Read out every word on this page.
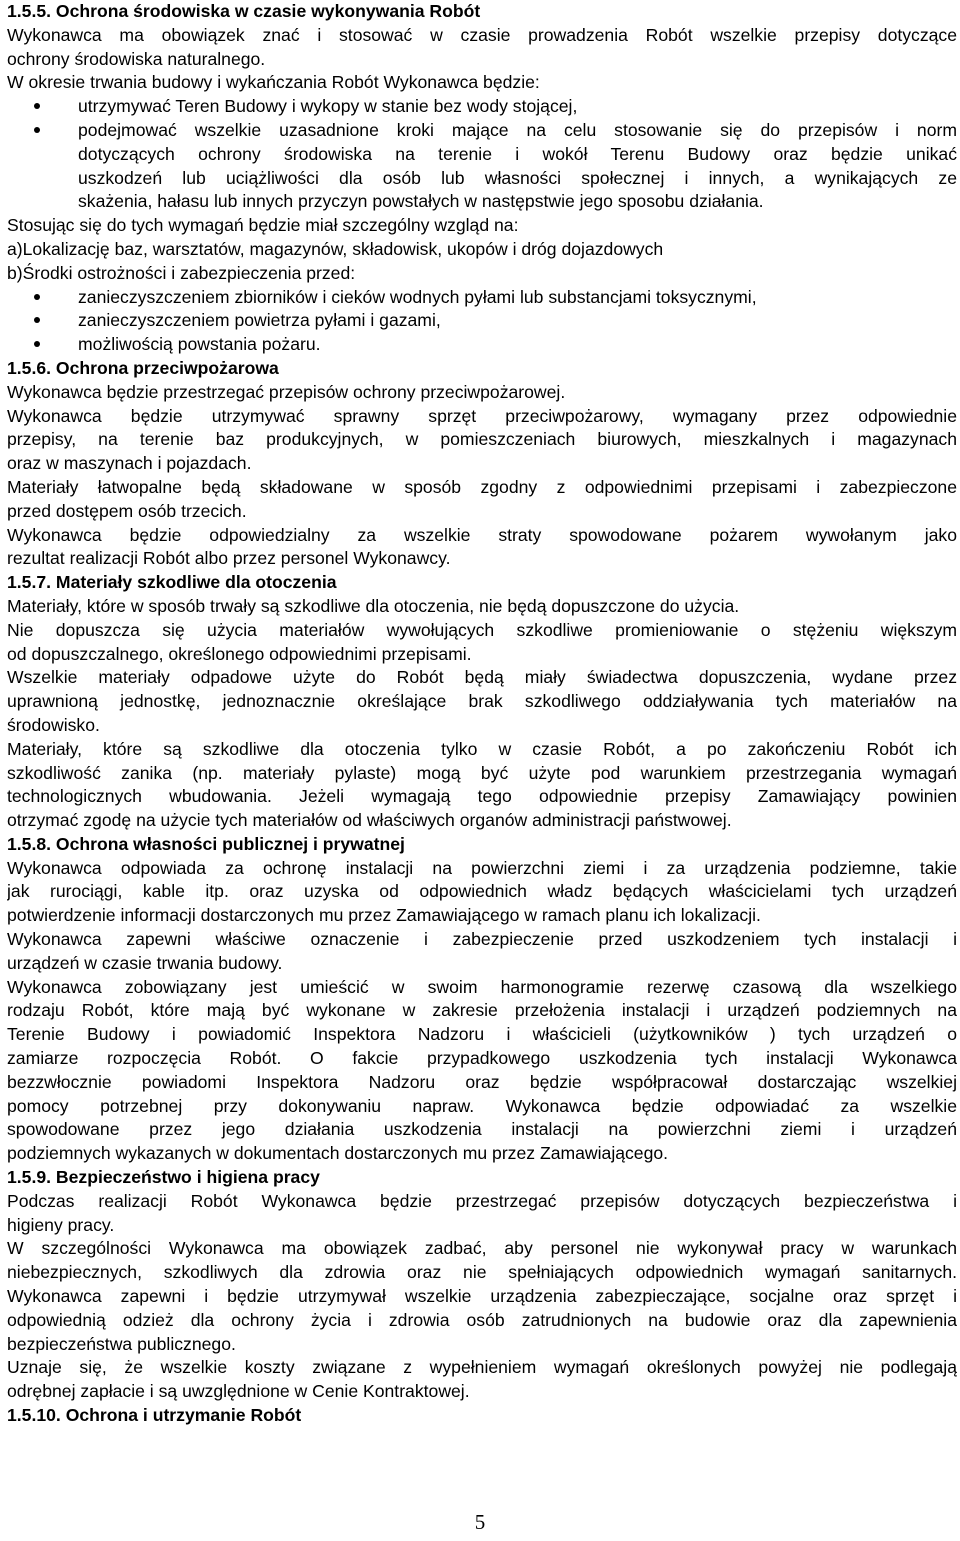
1.5.5. Ochrona środowiska w czasie wykonywania Robót
Wykonawca ma obowiązek znać i stosować w czasie prowadzenia Robót wszelkie przepisy dotyczące
ochrony środowiska naturalnego.
W okresie trwania budowy i wykańczania Robót Wykonawca będzie:
utrzymywać Teren Budowy i wykopy w stanie bez wody stojącej,
podejmować wszelkie uzasadnione kroki mające na celu stosowanie się do przepisów i norm
dotyczących ochrony środowiska na terenie i wokół Terenu Budowy oraz będzie unikać
uszkodzeń lub uciążliwości dla osób lub własności społecznej i innych, a wynikających ze
skażenia, hałasu lub innych przyczyn powstałych w następstwie jego sposobu działania.
Stosując się do tych wymagań będzie miał szczególny wzgląd na:
a)Lokalizację baz, warsztatów, magazynów, składowisk, ukopów i dróg dojazdowych
b)Środki ostrożności i zabezpieczenia przed:
zanieczyszczeniem zbiorników i cieków wodnych pyłami lub substancjami toksycznymi,
zanieczyszczeniem powietrza pyłami i gazami,
możliwością powstania pożaru.
1.5.6. Ochrona przeciwpożarowa
Wykonawca będzie przestrzegać przepisów ochrony przeciwpożarowej.
Wykonawca będzie utrzymywać sprawny sprzęt przeciwpożarowy, wymagany przez odpowiednie
przepisy, na terenie baz produkcyjnych, w pomieszczeniach biurowych, mieszkalnych i magazynach
oraz w maszynach i pojazdach.
Materiały łatwopalne będą składowane w sposób zgodny z odpowiednimi przepisami i zabezpieczone
przed dostępem osób trzecich.
Wykonawca będzie odpowiedzialny za wszelkie straty spowodowane pożarem wywołanym jako
rezultat realizacji Robót albo przez personel Wykonawcy.
1.5.7. Materiały szkodliwe dla otoczenia
Materiały, które w sposób trwały są szkodliwe dla otoczenia, nie będą dopuszczone do użycia.
Nie dopuszcza się użycia materiałów wywołujących szkodliwe promieniowanie o stężeniu większym
od dopuszczalnego, określonego odpowiednimi przepisami.
Wszelkie materiały odpadowe użyte do Robót będą miały świadectwa dopuszczenia, wydane przez
uprawnioną jednostkę, jednoznacznie określające brak szkodliwego oddziaływania tych materiałów na
środowisko.
Materiały, które są szkodliwe dla otoczenia tylko w czasie Robót, a po zakończeniu Robót ich
szkodliwość zanika (np. materiały pylaste) mogą być użyte pod warunkiem przestrzegania wymagań
technologicznych wbudowania. Jeżeli wymagają tego odpowiednie przepisy Zamawiający powinien
otrzymać zgodę na użycie tych materiałów od właściwych organów administracji państwowej.
1.5.8. Ochrona własności publicznej i prywatnej
Wykonawca odpowiada za ochronę instalacji na powierzchni ziemi i za urządzenia podziemne, takie
jak rurociągi, kable itp. oraz uzyska od odpowiednich władz będących właścicielami tych urządzeń
potwierdzenie informacji dostarczonych mu przez Zamawiającego w ramach planu ich lokalizacji.
Wykonawca zapewni właściwe oznaczenie i zabezpieczenie przed uszkodzeniem tych instalacji i
urządzeń w czasie trwania budowy.
Wykonawca zobowiązany jest umieścić w swoim harmonogramie rezerwę czasową dla wszelkiego
rodzaju Robót, które mają być wykonane w zakresie przełożenia instalacji i urządzeń podziemnych na
Terenie Budowy i powiadomić Inspektora Nadzoru i właścicieli (użytkowników ) tych urządzeń o
zamiarze rozpoczęcia Robót. O fakcie przypadkowego uszkodzenia tych instalacji Wykonawca
bezzwłocznie powiadomi Inspektora Nadzoru oraz będzie współpracował dostarczając wszelkiej
pomocy potrzebnej przy dokonywaniu napraw. Wykonawca będzie odpowiadać za wszelkie
spowodowane przez jego działania uszkodzenia instalacji na powierzchni ziemi i urządzeń
podziemnych wykazanych w dokumentach dostarczonych mu przez Zamawiającego.
1.5.9. Bezpieczeństwo i higiena pracy
Podczas realizacji Robót Wykonawca będzie przestrzegać przepisów dotyczących bezpieczeństwa i
higieny pracy.
W szczególności Wykonawca ma obowiązek zadbać, aby personel nie wykonywał pracy w warunkach
niebezpiecznych, szkodliwych dla zdrowia oraz nie spełniających odpowiednich wymagań sanitarnych.
Wykonawca zapewni i będzie utrzymywał wszelkie urządzenia zabezpieczające, socjalne oraz sprzęt i
odpowiednią odzież dla ochrony życia i zdrowia osób zatrudnionych na budowie oraz dla zapewnienia
bezpieczeństwa publicznego.
Uznaje się, że wszelkie koszty związane z wypełnieniem wymagań określonych powyżej nie podlegają
odrębnej zapłacie i są uwzględnione w Cenie Kontraktowej.
1.5.10. Ochrona i utrzymanie Robót
5
